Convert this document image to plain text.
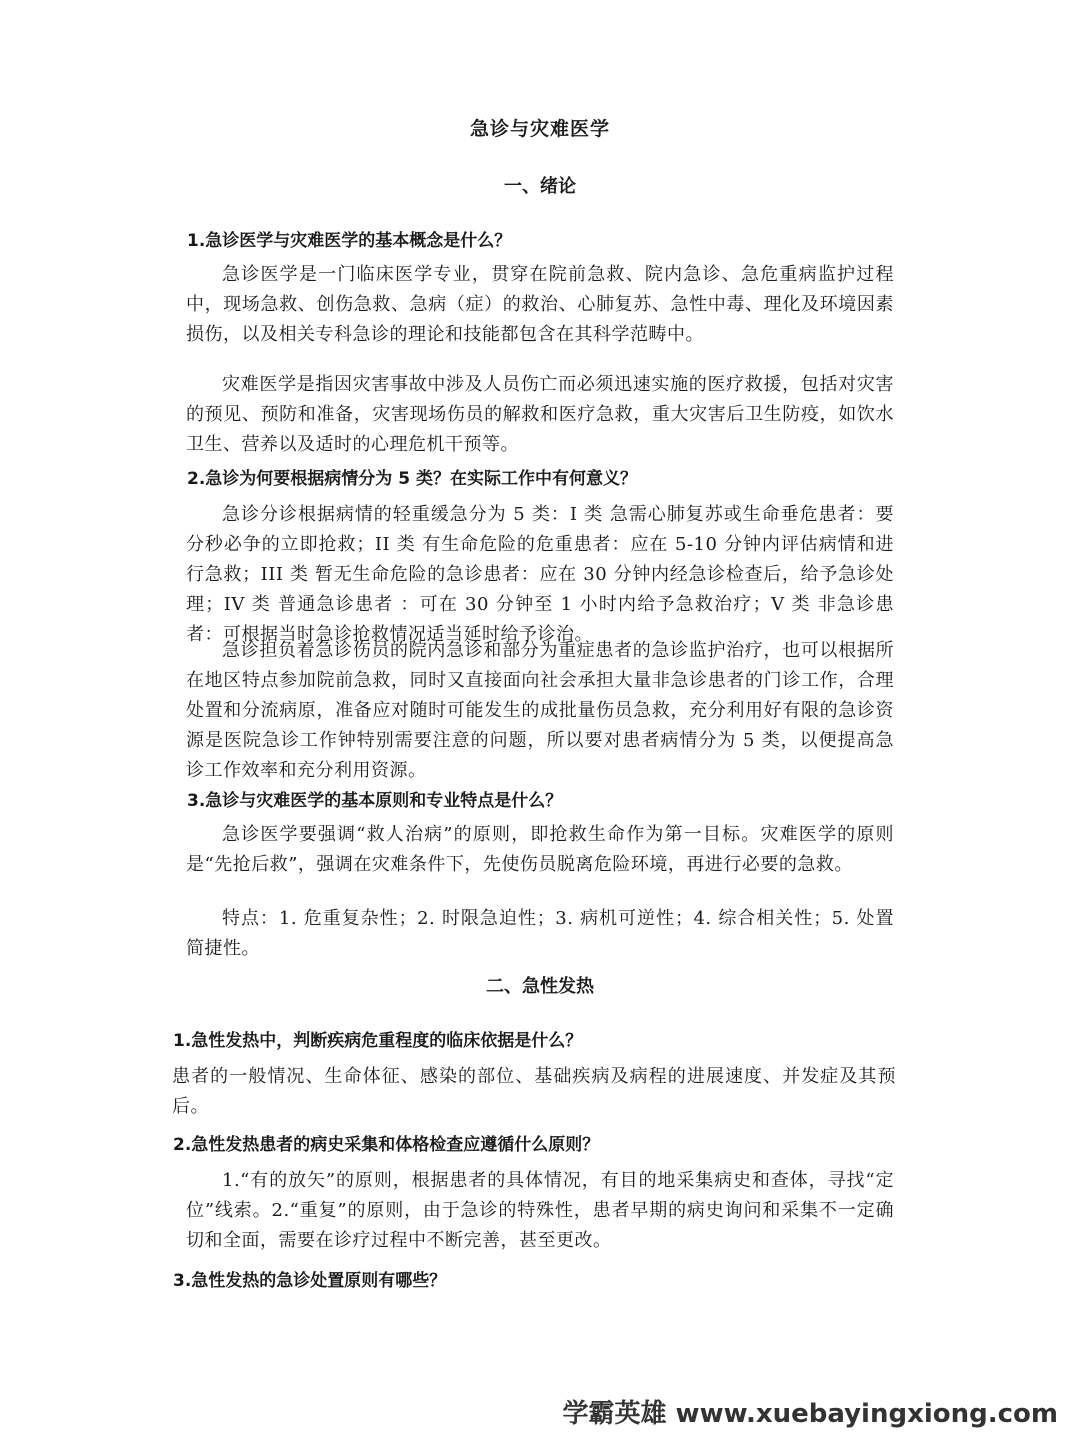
急诊与灾难医学
一、绪论
1.急诊医学与灾难医学的基本概念是什么？

急诊医学是一门临床医学专业，贯穿在院前急救、院内急诊、急危重病监护过程中，现场急救、创伤急救、急病（症）的救治、心肺复苏、急性中毒、理化及环境因素损伤，以及相关专科急诊的理论和技能都包含在其科学范畴中。

灾难医学是指因灾害事故中涉及人员伤亡而必须迅速实施的医疗救援，包括对灾害的预见、预防和准备，灾害现场伤员的解救和医疗急救，重大灾害后卫生防疫，如饮水卫生、营养以及适时的心理危机干预等。

2.急诊为何要根据病情分为 5 类？在实际工作中有何意义？

急诊分诊根据病情的轻重缓急分为 5 类：I 类 急需心肺复苏或生命垂危患者：要分秒必争的立即抢救；II 类 有生命危险的危重患者：应在 5-10 分钟内评估病情和进行急救；III 类 暂无生命危险的急诊患者：应在 30 分钟内经急诊检查后，给予急诊处理；IV 类 普通急诊患者 ：可在 30 分钟至 1 小时内给予急救治疗；V 类 非急诊患者：可根据当时急诊抢救情况适当延时给予诊治。

急诊担负着急诊伤员的院内急诊和部分为重症患者的急诊监护治疗，也可以根据所在地区特点参加院前急救，同时又直接面向社会承担大量非急诊患者的门诊工作，合理处置和分流病原，准备应对随时可能发生的成批量伤员急救，充分利用好有限的急诊资源是医院急诊工作钟特别需要注意的问题，所以要对患者病情分为 5 类，以便提高急诊工作效率和充分利用资源。

3.急诊与灾难医学的基本原则和专业特点是什么？

急诊医学要强调“救人治病”的原则，即抢救生命作为第一目标。灾难医学的原则是“先抢后救”，强调在灾难条件下，先使伤员脱离危险环境，再进行必要的急救。

特点：1. 危重复杂性；2. 时限急迫性；3. 病机可逆性；4. 综合相关性；5. 处置简捷性。

二、急性发热
1.急性发热中，判断疾病危重程度的临床依据是什么？

患者的一般情况、生命体征、感染的部位、基础疾病及病程的进展速度、并发症及其预后。

2.急性发热患者的病史采集和体格检查应遵循什么原则？

1.“有的放矢”的原则，根据患者的具体情况，有目的地采集病史和查体，寻找“定位”线索。2.“重复”的原则，由于急诊的特殊性，患者早期的病史询问和采集不一定确切和全面，需要在诊疗过程中不断完善，甚至更改。

3.急性发热的急诊处置原则有哪些？
学霸英雄 www.xuebayingxiong.com
